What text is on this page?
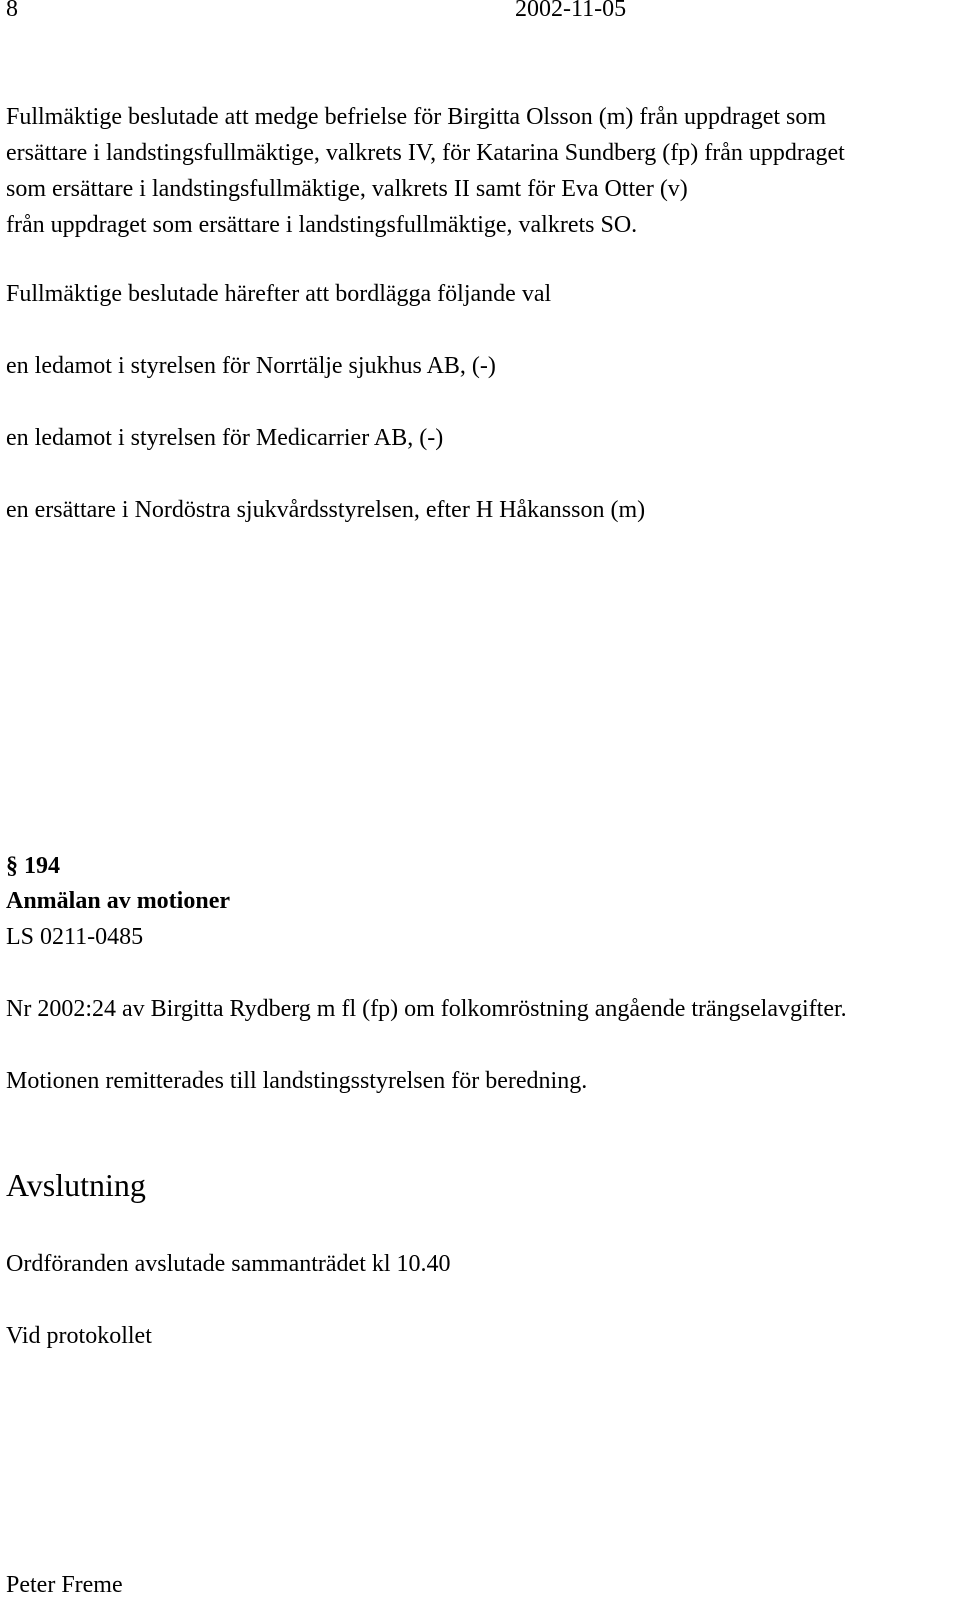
8	2002-11-05

Fullmäktige beslutade att medge befrielse för Birgitta Olsson (m) från uppdraget som
ersättare i landstingsfullmäktige, valkrets IV, för Katarina Sundberg (fp) från uppdraget
som ersättare i landstingsfullmäktige, valkrets II samt för Eva Otter (v)
från uppdraget som ersättare i landstingsfullmäktige, valkrets SO.

Fullmäktige beslutade härefter att bordlägga följande val
en ledamot i styrelsen för Norrtälje sjukhus AB, (-)
en ledamot i styrelsen för Medicarrier AB, (-)
en ersättare i Nordöstra sjukvårdsstyrelsen, efter H Håkansson (m)
§ 194
Anmälan av motioner
LS 0211-0485
Nr 2002:24 av Birgitta Rydberg m fl (fp) om folkomröstning angående trängselavgifter.
Motionen remitterades till landstingsstyrelsen för beredning.
Avslutning
Ordföranden avslutade sammanträdet kl 10.40
Vid protokollet
Peter Freme
